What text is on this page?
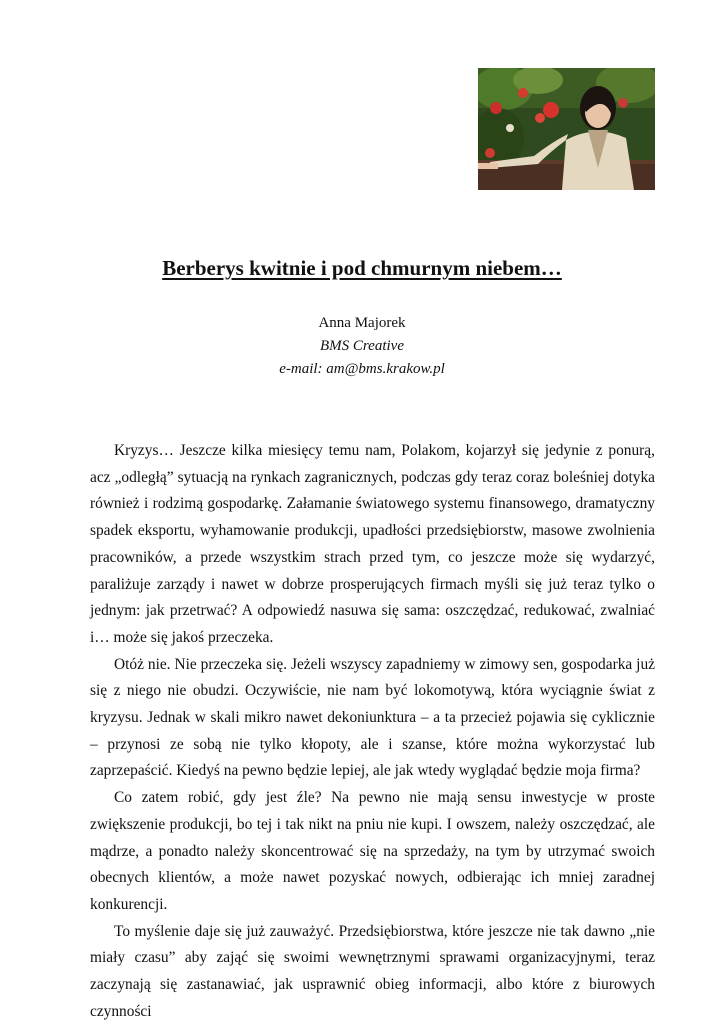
Berberys kwitnie i pod chmurnym niebem…
Anna Majorek
BMS Creative
e-mail: am@bms.krakow.pl

Kryzys… Jeszcze kilka miesięcy temu nam, Polakom, kojarzył się jedynie z ponurą, acz „odległą” sytuacją na rynkach zagranicznych, podczas gdy teraz coraz boleśniej dotyka również i rodzimą gospodarkę. Załamanie światowego systemu finansowego, dramatyczny spadek eksportu, wyhamowanie produkcji, upadłości przedsiębiorstw, masowe zwolnienia pracowników, a przede wszystkim strach przed tym, co jeszcze może się wydarzyć, paraliżuje zarządy i nawet w dobrze prosperujących firmach myśli się już teraz tylko o jednym: jak przetrwać? A odpowiedź nasuwa się sama: oszczędzać, redukować, zwalniać i… może się jakoś przeczeka.

Otóż nie. Nie przeczeka się. Jeżeli wszyscy zapadniemy w zimowy sen, gospodarka już się z niego nie obudzi. Oczywiście, nie nam być lokomotywą, która wyciągnie świat z kryzysu. Jednak w skali mikro nawet dekoniunktura – a ta przecież pojawia się cyklicznie – przynosi ze sobą nie tylko kłopoty, ale i szanse, które można wykorzystać lub zaprzepaścić. Kiedyś na pewno będzie lepiej, ale jak wtedy wyglądać będzie moja firma?

Co zatem robić, gdy jest źle? Na pewno nie mają sensu inwestycje w proste zwiększenie produkcji, bo tej i tak nikt na pniu nie kupi. I owszem, należy oszczędzać, ale mądrze, a ponadto należy skoncentrować się na sprzedaży, na tym by utrzymać swoich obecnych klientów, a może nawet pozyskać nowych, odbierając ich mniej zaradnej konkurencji.

To myślenie daje się już zauważyć. Przedsiębiorstwa, które jeszcze nie tak dawno „nie miały czasu” aby zająć się swoimi wewnętrznymi sprawami organizacyjnymi, teraz zaczynają się zastanawiać, jak usprawnić obieg informacji, albo które z biurowych czynności
